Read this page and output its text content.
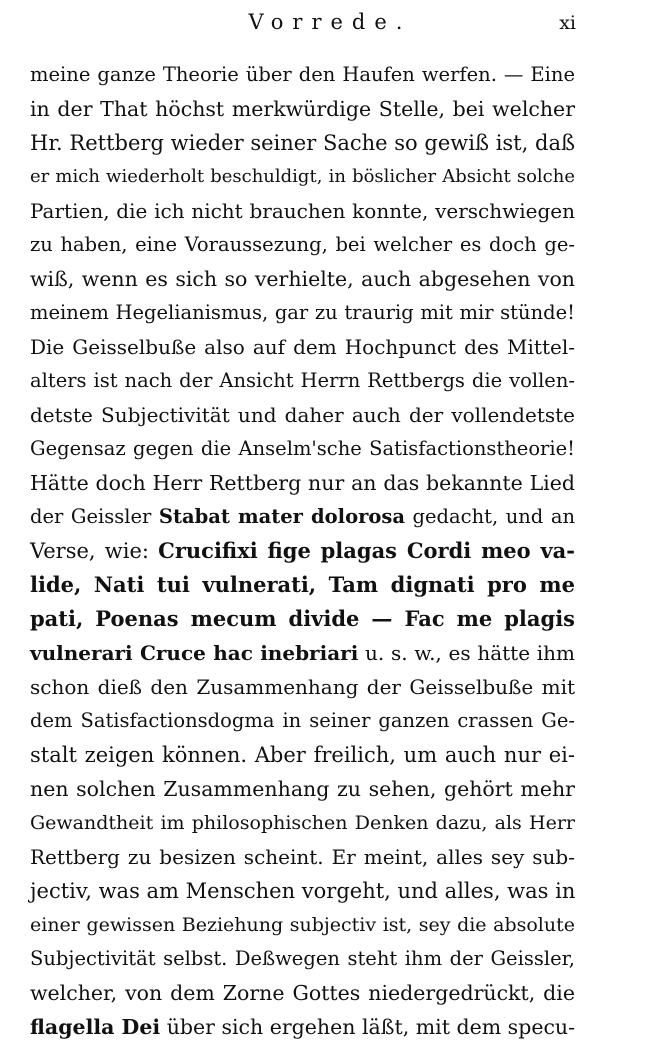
Vorrede.	xi
meine ganze Theorie über den Haufen werfen. — Eine
in der That höchst merkwürdige Stelle, bei welcher
Hr. Rettberg wieder seiner Sache so gewiß ist, daß
er mich wiederholt beschuldigt, in böslicher Absicht solche
Partien, die ich nicht brauchen konnte, verschwiegen
zu haben, eine Voraussezung, bei welcher es doch ge-
wiß, wenn es sich so verhielte, auch abgesehen von
meinem Hegelianismus, gar zu traurig mit mir stünde!
Die Geisselbuße also auf dem Hochpunct des Mittel-
alters ist nach der Ansicht Herrn Rettbergs die vollen-
detste Subjectivität und daher auch der vollendetste
Gegensaz gegen die Anselm'sche Satisfactionstheorie!
Hätte doch Herr Rettberg nur an das bekannte Lied
der Geissler Stabat mater dolorosa gedacht, und an
Verse, wie: Crucifixi fige plagas Cordi meo va-
lide, Nati tui vulnerati, Tam dignati pro me
pati, Poenas mecum divide — Fac me plagis
vulnerari Cruce hac inebriari u. s. w., es hätte ihm
schon dieß den Zusammenhang der Geisselbuße mit
dem Satisfactionsdogma in seiner ganzen crassen Ge-
stalt zeigen können. Aber freilich, um auch nur ei-
nen solchen Zusammenhang zu sehen, gehört mehr
Gewandtheit im philosophischen Denken dazu, als Herr
Rettberg zu besizen scheint. Er meint, alles sey sub-
jectiv, was am Menschen vorgeht, und alles, was in
einer gewissen Beziehung subjectiv ist, sey die absolute
Subjectivität selbst. Deßwegen steht ihm der Geissler,
welcher, von dem Zorne Gottes niedergedrückt, die
flagella Dei über sich ergehen läßt, mit dem specu-
